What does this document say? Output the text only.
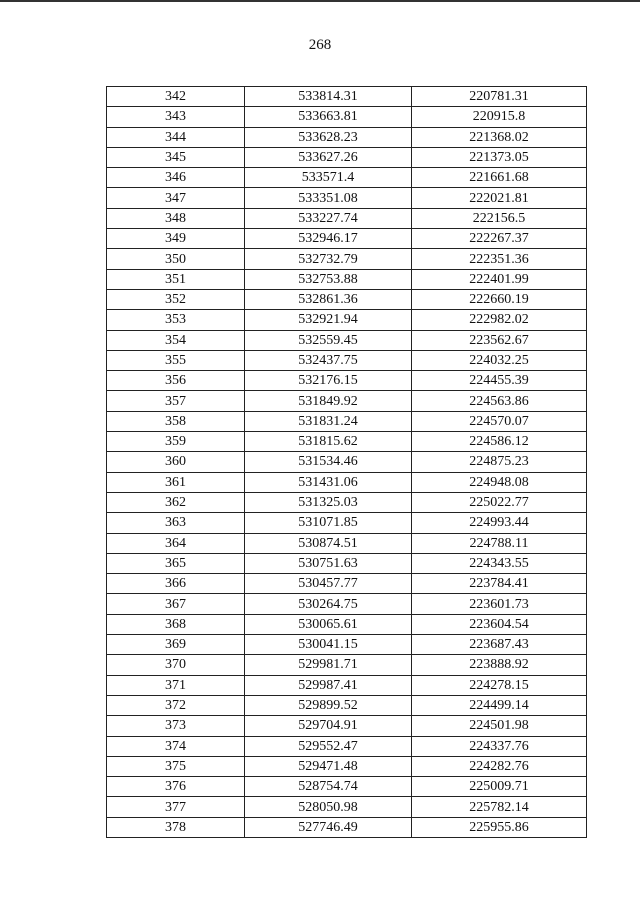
268
342	533814.31	220781.31
343	533663.81	220915.8
344	533628.23	221368.02
345	533627.26	221373.05
346	533571.4	221661.68
347	533351.08	222021.81
348	533227.74	222156.5
349	532946.17	222267.37
350	532732.79	222351.36
351	532753.88	222401.99
352	532861.36	222660.19
353	532921.94	222982.02
354	532559.45	223562.67
355	532437.75	224032.25
356	532176.15	224455.39
357	531849.92	224563.86
358	531831.24	224570.07
359	531815.62	224586.12
360	531534.46	224875.23
361	531431.06	224948.08
362	531325.03	225022.77
363	531071.85	224993.44
364	530874.51	224788.11
365	530751.63	224343.55
366	530457.77	223784.41
367	530264.75	223601.73
368	530065.61	223604.54
369	530041.15	223687.43
370	529981.71	223888.92
371	529987.41	224278.15
372	529899.52	224499.14
373	529704.91	224501.98
374	529552.47	224337.76
375	529471.48	224282.76
376	528754.74	225009.71
377	528050.98	225782.14
378	527746.49	225955.86
